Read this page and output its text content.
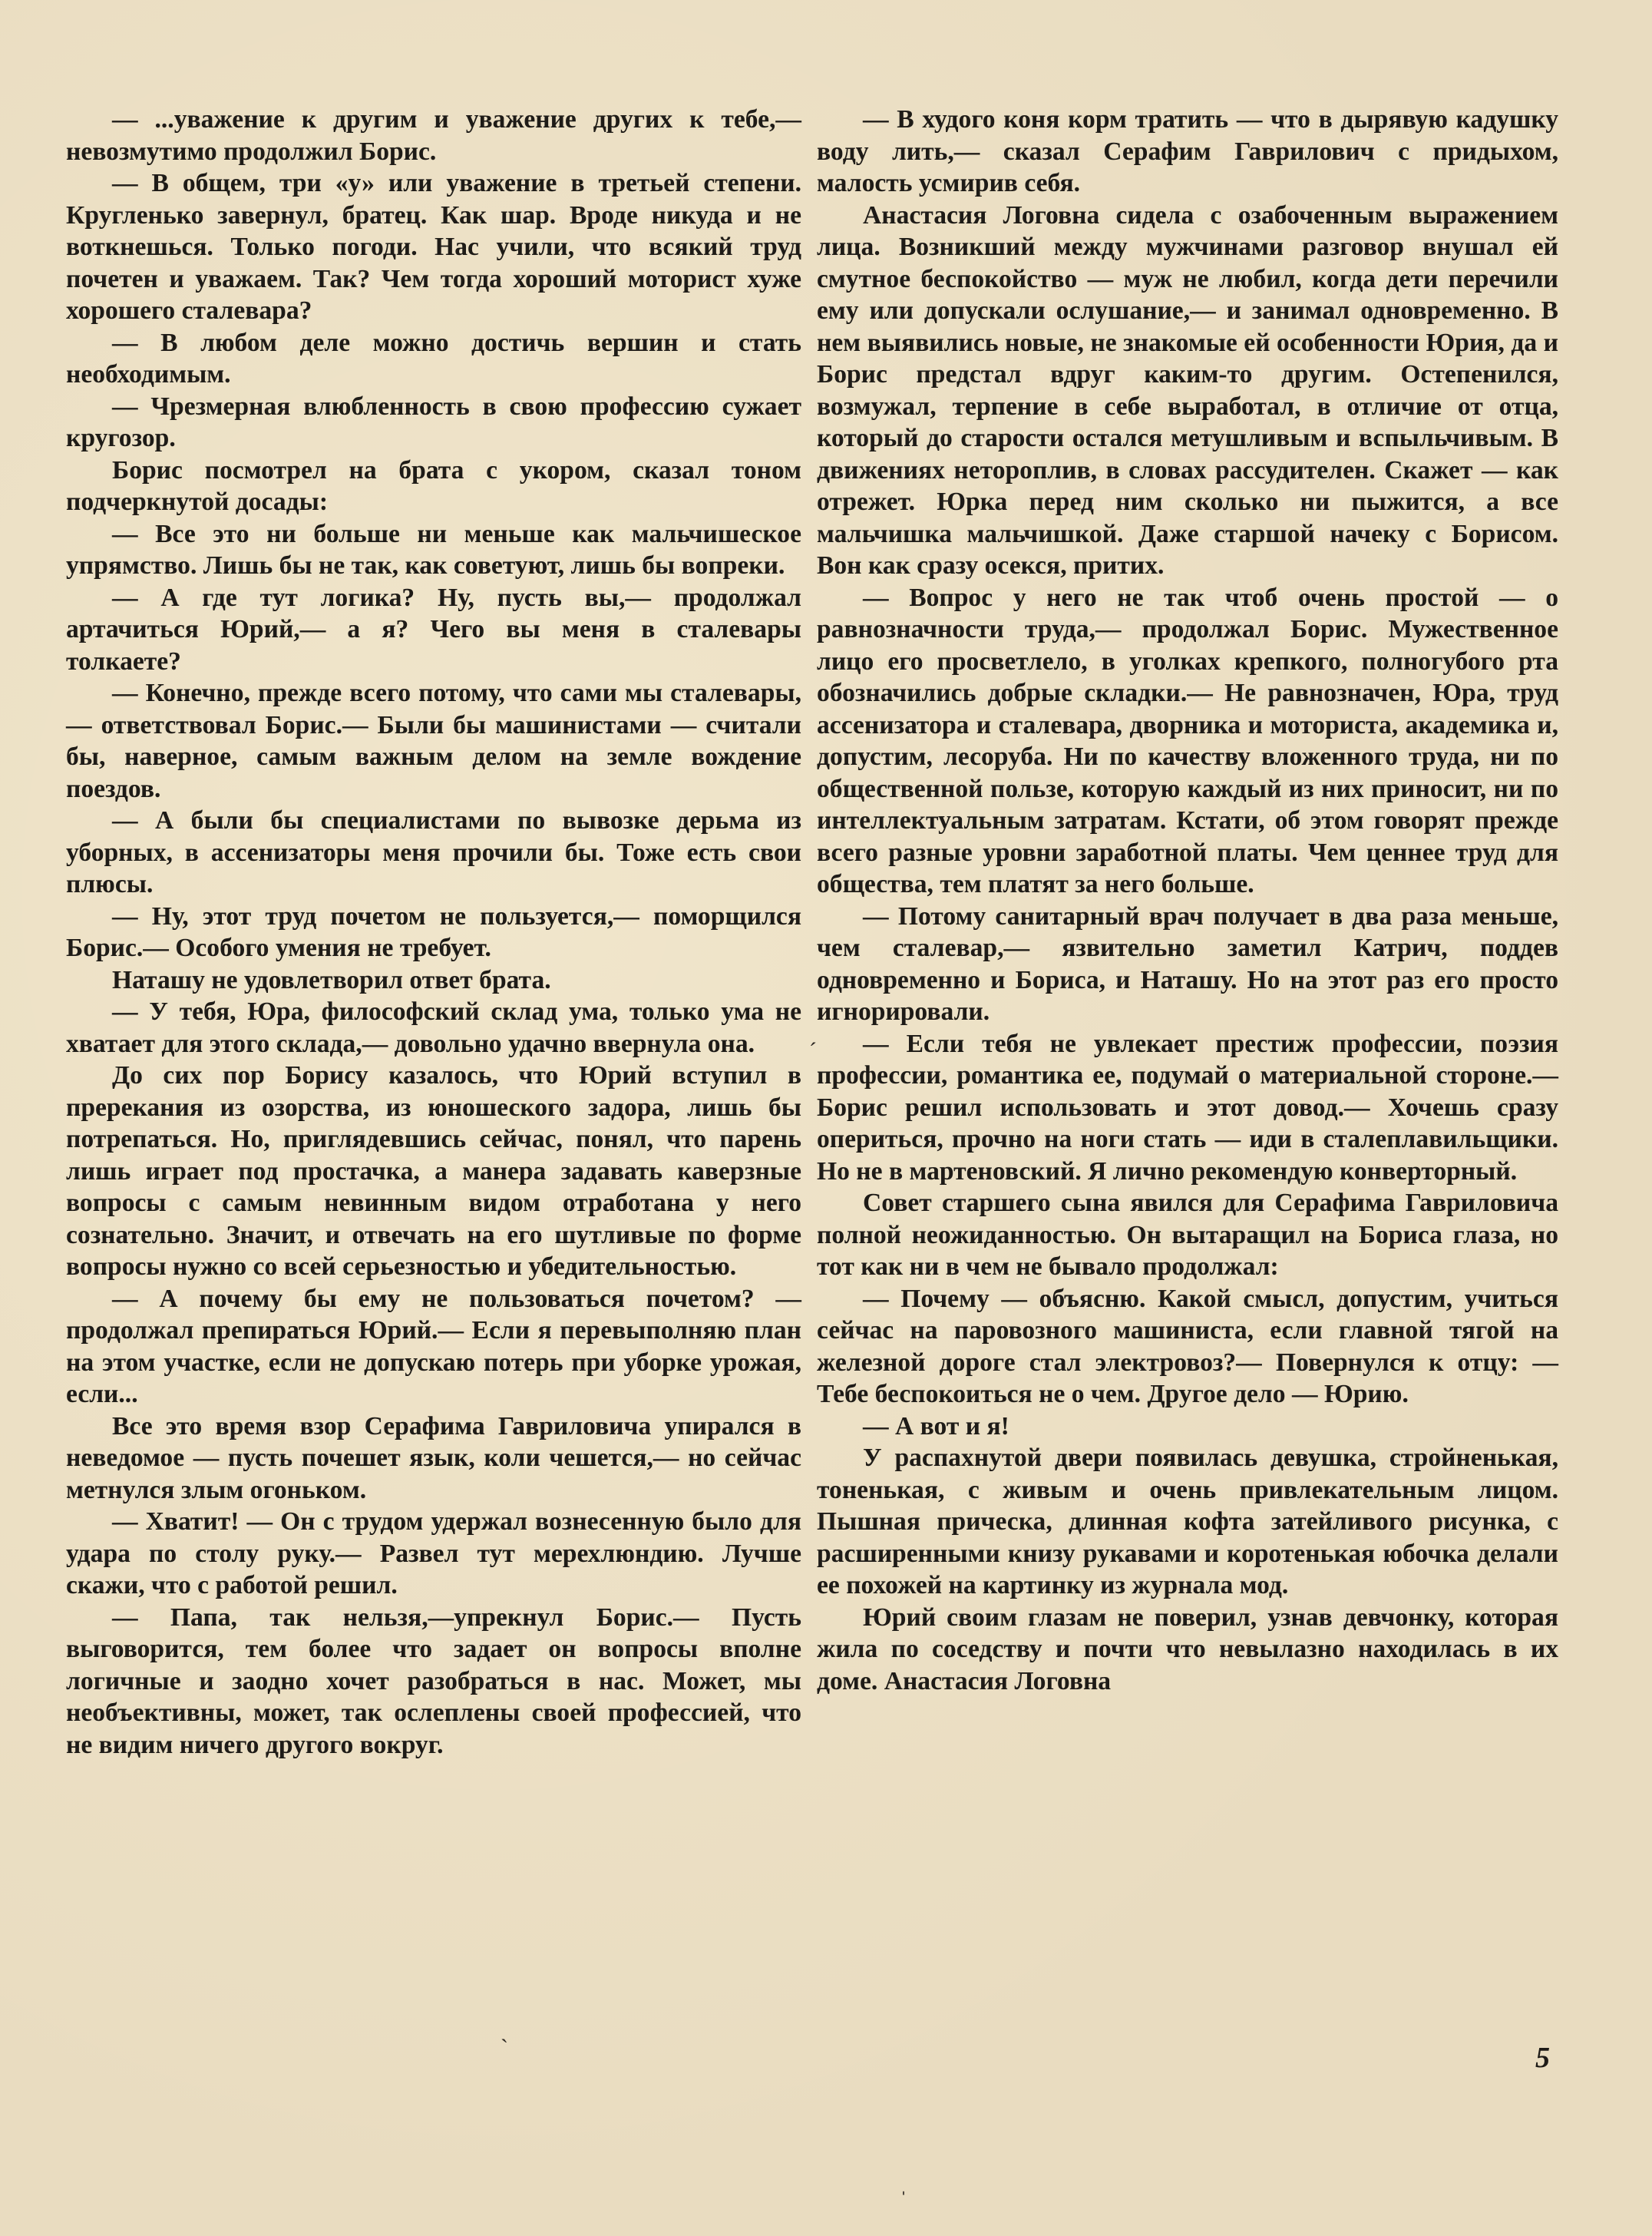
— ...уважение к другим и уважение других к тебе,— невозмутимо продолжил Борис.

— В общем, три «у» или уважение в третьей степени. Кругленько завернул, братец. Как шар. Вроде никуда и не воткнешься. Только погоди. Нас учили, что всякий труд почетен и уважаем. Так? Чем тогда хороший моторист хуже хорошего сталевара?

— В любом деле можно достичь вершин и стать необходимым.

— Чрезмерная влюбленность в свою профессию сужает кругозор.

Борис посмотрел на брата с укором, сказал тоном подчеркнутой досады:

— Все это ни больше ни меньше как мальчишеское упрямство. Лишь бы не так, как советуют, лишь бы вопреки.

— А где тут логика? Ну, пусть вы,— продолжал артачиться Юрий,— а я? Чего вы меня в сталевары толкаете?

— Конечно, прежде всего потому, что сами мы сталевары,— ответствовал Борис.— Были бы машинистами — считали бы, наверное, самым важным делом на земле вождение поездов.

— А были бы специалистами по вывозке дерьма из уборных, в ассенизаторы меня прочили бы. Тоже есть свои плюсы.

— Ну, этот труд почетом не пользуется,— поморщился Борис.— Особого умения не требует.

Наташу не удовлетворил ответ брата.

— У тебя, Юра, философский склад ума, только ума не хватает для этого склада,— довольно удачно ввернула она.

До сих пор Борису казалось, что Юрий вступил в пререкания из озорства, из юношеского задора, лишь бы потрепаться. Но, приглядевшись сейчас, понял, что парень лишь играет под простачка, а манера задавать каверзные вопросы с самым невинным видом отработана у него сознательно. Значит, и отвечать на его шутливые по форме вопросы нужно со всей серьезностью и убедительностью.

— А почему бы ему не пользоваться почетом? — продолжал препираться Юрий.— Если я перевыполняю план на этом участке, если не допускаю потерь при уборке урожая, если...

Все это время взор Серафима Гавриловича упирался в неведомое — пусть почешет язык, коли чешется,— но сейчас метнулся злым огоньком.

— Хватит! — Он с трудом удержал вознесенную было для удара по столу руку.— Развел тут мерехлюндию. Лучше скажи, что с работой решил.

— Папа, так нельзя,—упрекнул Борис.— Пусть выговорится, тем более что задает он вопросы вполне логичные и заодно хочет разобраться в нас. Может, мы необъективны, может, так ослеплены своей профессией, что не видим ничего другого вокруг.

— В худого коня корм тратить — что в дырявую кадушку воду лить,— сказал Серафим Гаврилович с придыхом, малость усмирив себя.

Анастасия Логовна сидела с озабоченным выражением лица. Возникший между мужчинами разговор внушал ей смутное беспокойство — муж не любил, когда дети перечили ему или допускали ослушание,— и занимал одновременно. В нем выявились новые, не знакомые ей особенности Юрия, да и Борис предстал вдруг каким-то другим. Остепенился, возмужал, терпение в себе выработал, в отличие от отца, который до старости остался метушливым и вспыльчивым. В движениях нетороплив, в словах рассудителен. Скажет — как отрежет. Юрка перед ним сколько ни пыжится, а все мальчишка мальчишкой. Даже старшой начеку с Борисом. Вон как сразу осекся, притих.

— Вопрос у него не так чтоб очень простой — о равнозначности труда,— продолжал Борис. Мужественное лицо его просветлело, в уголках крепкого, полногубого рта обозначились добрые складки.— Не равнозначен, Юра, труд ассенизатора и сталевара, дворника и моториста, академика и, допустим, лесоруба. Ни по качеству вложенного труда, ни по общественной пользе, которую каждый из них приносит, ни по интеллектуальным затратам. Кстати, об этом говорят прежде всего разные уровни заработной платы. Чем ценнее труд для общества, тем платят за него больше.

— Потому санитарный врач получает в два раза меньше, чем сталевар,— язвительно заметил Катрич, поддев одновременно и Бориса, и Наташу. Но на этот раз его просто игнорировали.

— Если тебя не увлекает престиж профессии, поэзия профессии, романтика ее, подумай о материальной стороне.— Борис решил использовать и этот довод.— Хочешь сразу опериться, прочно на ноги стать — иди в сталеплавильщики. Но не в мартеновский. Я лично рекомендую конверторный.

Совет старшего сына явился для Серафима Гавриловича полной неожиданностью. Он вытаращил на Бориса глаза, но тот как ни в чем не бывало продолжал:

— Почему — объясню. Какой смысл, допустим, учиться сейчас на паровозного машиниста, если главной тягой на железной дороге стал электровоз?— Повернулся к отцу: — Тебе беспокоиться не о чем. Другое дело — Юрию.

— А вот и я!

У распахнутой двери появилась девушка, стройненькая, тоненькая, с живым и очень привлекательным лицом. Пышная прическа, длинная кофта затейливого рисунка, с расширенными книзу рукавами и коротенькая юбочка делали ее похожей на картинку из журнала мод.

Юрий своим глазам не поверил, узнав девчонку, которая жила по соседству и почти что невылазно находилась в их доме. Анастасия Логовна

5
ˋ
ˊ
ˌ
